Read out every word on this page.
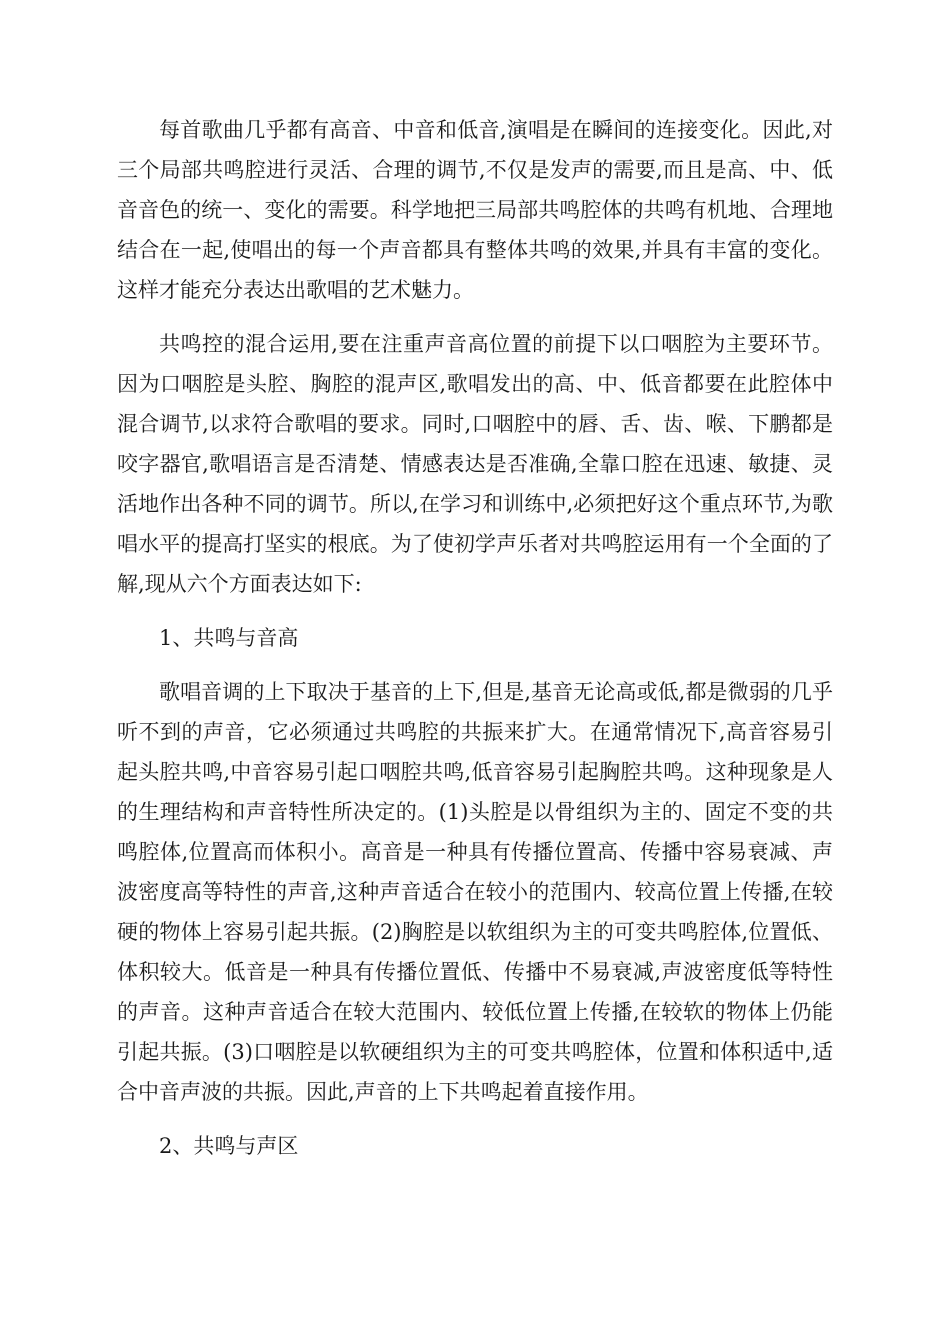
每首歌曲几乎都有高音、中音和低音,演唱是在瞬间的连接变化。因此,对三个局部共鸣腔进行灵活、合理的调节,不仅是发声的需要,而且是高、中、低音音色的统一、变化的需要。科学地把三局部共鸣腔体的共鸣有机地、合理地结合在一起,使唱出的每一个声音都具有整体共鸣的效果,并具有丰富的变化。这样才能充分表达出歌唱的艺术魅力。

共鸣控的混合运用,要在注重声音高位置的前提下以口咽腔为主要环节。因为口咽腔是头腔、胸腔的混声区,歌唱发出的高、中、低音都要在此腔体中混合调节,以求符合歌唱的要求。同时,口咽腔中的唇、舌、齿、喉、下鹏都是咬字器官,歌唱语言是否清楚、情感表达是否准确,全靠口腔在迅速、敏捷、灵活地作出各种不同的调节。所以,在学习和训练中,必须把好这个重点环节,为歌唱水平的提高打坚实的根底。为了使初学声乐者对共鸣腔运用有一个全面的了解,现从六个方面表达如下:

1、共鸣与音高

歌唱音调的上下取决于基音的上下,但是,基音无论高或低,都是微弱的几乎听不到的声音，它必须通过共鸣腔的共振来扩大。在通常情况下,高音容易引起头腔共鸣,中音容易引起口咽腔共鸣,低音容易引起胸腔共鸣。这种现象是人的生理结构和声音特性所决定的。(1)头腔是以骨组织为主的、固定不变的共鸣腔体,位置高而体积小。高音是一种具有传播位置高、传播中容易衰减、声波密度高等特性的声音,这种声音适合在较小的范围内、较高位置上传播,在较硬的物体上容易引起共振。(2)胸腔是以软组织为主的可变共鸣腔体,位置低、体积较大。低音是一种具有传播位置低、传播中不易衰减,声波密度低等特性的声音。这种声音适合在较大范围内、较低位置上传播,在较软的物体上仍能引起共振。(3)口咽腔是以软硬组织为主的可变共鸣腔体，位置和体积适中,适合中音声波的共振。因此,声音的上下共鸣起着直接作用。

2、共鸣与声区
